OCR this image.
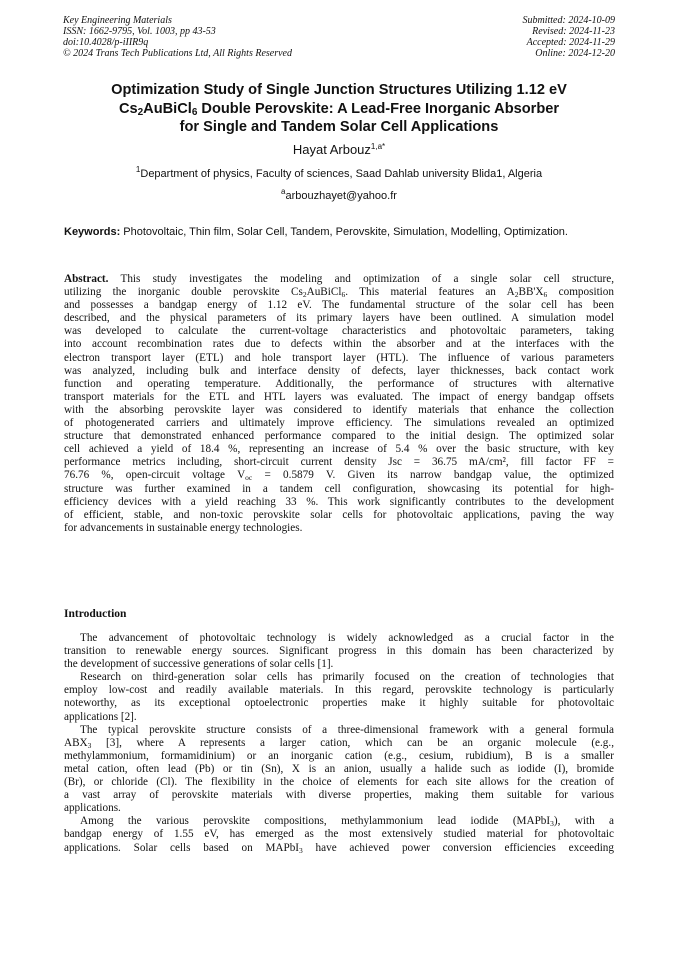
Key Engineering Materials
ISSN: 1662-9795, Vol. 1003, pp 43-53
doi:10.4028/p-iIIR9q
© 2024 Trans Tech Publications Ltd, All Rights Reserved
Submitted: 2024-10-09
Revised: 2024-11-23
Accepted: 2024-11-29
Online: 2024-12-20
Optimization Study of Single Junction Structures Utilizing 1.12 eV
$Cs_2AuBiCl_6$ Double Perovskite: A Lead-Free Inorganic Absorber
for Single and Tandem Solar Cell Applications
Hayat Arbouz$^{1,a*}$
$^1$Department of physics, Faculty of sciences, Saad Dahlab university Blida1, Algeria
$^a$arbouzhayet@yahoo.fr
Keywords: Photovoltaic, Thin film, Solar Cell, Tandem, Perovskite, Simulation, Modelling, Optimization.
Abstract. This study investigates the modeling and optimization of a single solar cell structure,
utilizing the inorganic double perovskite $Cs_2AuBiCl_6$. This material features an $A_2BB'X_6$ composition
and possesses a bandgap energy of 1.12 eV. The fundamental structure of the solar cell has been
described, and the physical parameters of its primary layers have been outlined. A simulation model
was developed to calculate the current-voltage characteristics and photovoltaic parameters, taking
into account recombination rates due to defects within the absorber and at the interfaces with the
electron transport layer (ETL) and hole transport layer (HTL). The influence of various parameters
was analyzed, including bulk and interface density of defects, layer thicknesses, back contact work
function and operating temperature. Additionally, the performance of structures with alternative
transport materials for the ETL and HTL layers was evaluated. The impact of energy bandgap offsets
with the absorbing perovskite layer was considered to identify materials that enhance the collection
of photogenerated carriers and ultimately improve efficiency. The simulations revealed an optimized
structure that demonstrated enhanced performance compared to the initial design. The optimized solar
cell achieved a yield of 18.4 %, representing an increase of 5.4 % over the basic structure, with key
performance metrics including, short-circuit current density Jsc = 36.75 mA/cm², fill factor FF =
76.76 %, open-circuit voltage $V_{oc} = 0.5879$ V. Given its narrow bandgap value, the optimized
structure was further examined in a tandem cell configuration, showcasing its potential for high-
efficiency devices with a yield reaching 33 %. This work significantly contributes to the development
of efficient, stable, and non-toxic perovskite solar cells for photovoltaic applications, paving the way
for advancements in sustainable energy technologies.
Introduction
The advancement of photovoltaic technology is widely acknowledged as a crucial factor in the
transition to renewable energy sources. Significant progress in this domain has been characterized by
the development of successive generations of solar cells [1].
Research on third-generation solar cells has primarily focused on the creation of technologies that
employ low-cost and readily available materials. In this regard, perovskite technology is particularly
noteworthy, as its exceptional optoelectronic properties make it highly suitable for photovoltaic
applications [2].
The typical perovskite structure consists of a three-dimensional framework with a general formula
$ABX_3$ [3], where A represents a larger cation, which can be an organic molecule (e.g.,
methylammonium, formamidinium) or an inorganic cation (e.g., cesium, rubidium), B is a smaller
metal cation, often lead (Pb) or tin (Sn), X is an anion, usually a halide such as iodide (I), bromide
(Br), or chloride (Cl). The flexibility in the choice of elements for each site allows for the creation of
a vast array of perovskite materials with diverse properties, making them suitable for various
applications.
Among the various perovskite compositions, methylammonium lead iodide (MAPbI$_3$), with a
bandgap energy of 1.55 eV, has emerged as the most extensively studied material for photovoltaic
applications. Solar cells based on MAPbI$_3$ have achieved power conversion efficiencies exceeding
